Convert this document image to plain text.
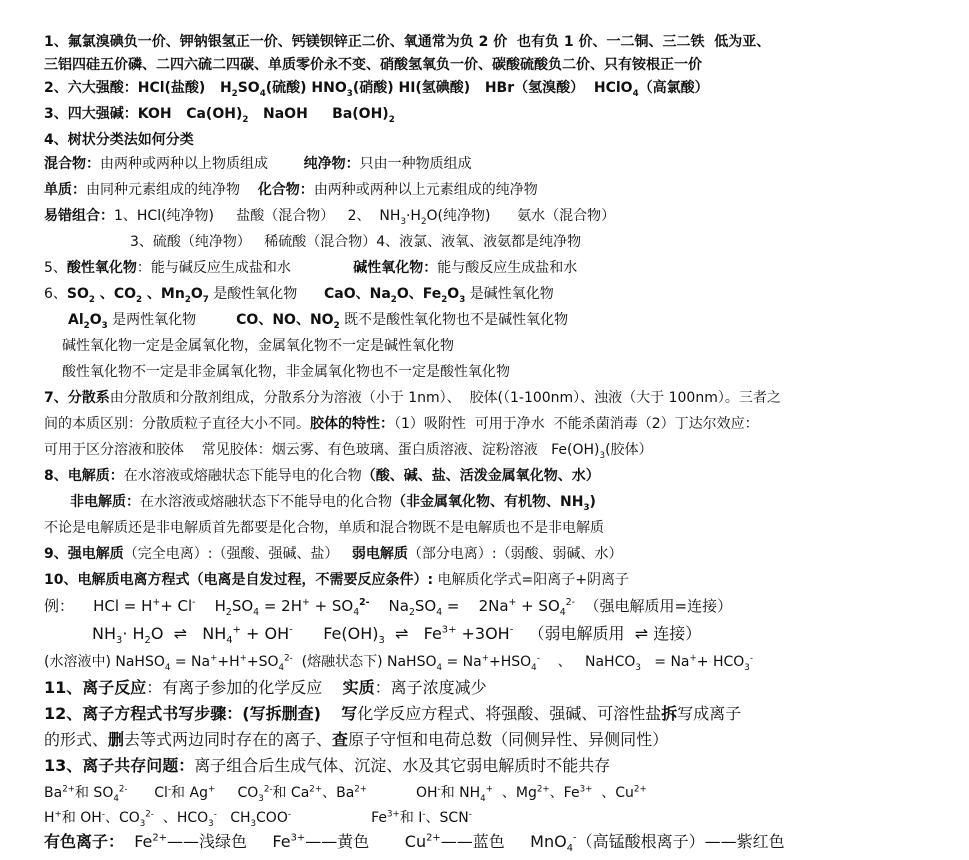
1、氟氯溴碘负一价、钾钠银氢正一价、钙镁钡锌正二价、氧通常为负 2 价  也有负 1 价、一二铜、三二铁  低为亚、
三铝四硅五价磷、二四六硫二四碳、单质零价永不变、硝酸氢氧负一价、碳酸硫酸负二价、只有铵根正一价
2、六大强酸：HCl(盐酸)   $H_2SO_4$(硫酸) $HNO_3$(硝酸) HI(氢碘酸)   HBr（氢溴酸）  HClO$_4$（高氯酸）
3、四大强碱：KOH   $Ca(OH)_2$   NaOH     $Ba(OH)_2$
4、树状分类法如何分类
混合物：由两种或两种以上物质组成        纯净物：只由一种物质组成
单质：由同种元素组成的纯净物    化合物：由两种或两种以上元素组成的纯净物
易错组合：1、HCl(纯净物)     盐酸（混合物）   2、  $NH_3\cdot H_2O$(纯净物)      氨水（混合物）
3、硫酸（纯净物）   稀硫酸（混合物）4、液氯、液氧、液氨都是纯净物
5、酸性氧化物：能与碱反应生成盐和水              碱性氧化物：能与酸反应生成盐和水
6、$SO_2$ 、$CO_2$ 、$Mn_2O_7$ 是酸性氧化物      CaO、$Na_2O$、$Fe_2O_3$ 是碱性氧化物
$Al_2O_3$ 是两性氧化物         CO、NO、$NO_2$ 既不是酸性氧化物也不是碱性氧化物
碱性氧化物一定是金属氧化物，金属氧化物不一定是碱性氧化物
酸性氧化物不一定是非金属氧化物，非金属氧化物也不一定是酸性氧化物
7、分散系由分散质和分散剂组成，分散系分为溶液（小于 1nm）、  胶体(（1-100nm）、浊液（大于 100nm）。三者之
间的本质区别：分散质粒子直径大小不同。胶体的特性：（1）吸附性  可用于净水  不能杀菌消毒（2）丁达尔效应：
可用于区分溶液和胶体    常见胶体：烟云雾、有色玻璃、蛋白质溶液、淀粉溶液   $Fe(OH)_3$(胶体）
8、电解质：在水溶液或熔融状态下能导电的化合物（酸、碱、盐、活泼金属氧化物、水）
非电解质：在水溶液或熔融状态下不能导电的化合物（非金属氧化物、有机物、$NH_3$)
不论是电解质还是非电解质首先都要是化合物，单质和混合物既不是电解质也不是非电解质
9、强电解质（完全电离）:（强酸、强碱、盐）   弱电解质（部分电离）:（弱酸、弱碱、水）
10、电解质电离方程式（电离是自发过程，不需要反应条件）: 电解质化学式=阳离子+阴离子
例：    HCl = H++ Cl-    $H_2SO_4 = 2H^+ + SO_4^{2-}$    $Na_2SO_4$ =    $2Na^+ + SO_4^{2-}$  （强电解质用=连接）
$NH_3\cdot H_2O$  ⇌   $NH_4^+ + OH^-$      $Fe(OH)_3$  ⇌   $Fe^{3+} +3OH^-$   （弱电解质用  ⇌ 连接）
(水溶液中) NaHSO$_4$ = $Na^++H^++SO_4^{2-}$  (熔融状态下) NaHSO$_4$ = $Na^++HSO_4^-$    、   NaHCO$_3$   = $Na^++ HCO_3^-$
11、离子反应：有离子参加的化学反应    实质：离子浓度减少
12、离子方程式书写步骤：(写拆删查) 写化学反应方程式、将强酸、强碱、可溶性盐拆写成离子
的形式、删去等式两边同时存在的离子、查原子守恒和电荷总数（同侧异性、异侧同性）
13、离子共存问题：离子组合后生成气体、沉淀、水及其它弱电解质时不能共存
$Ba^{2+}$和 $SO_4^{2-}$      Cl-和 Ag+     $CO_3^{2-}$和 $Ca^{2+}$、$Ba^{2+}$           OH-和 $NH_4^+$  、$Mg^{2+}$、$Fe^{3+}$  、$Cu^{2+}$
H+和 OH-、$CO_3^{2-}$  、$HCO_3^-$   $CH_3COO^-$                  $Fe^{3+}$和 I-、SCN-
有色离子：  $Fe^{2+}——$浅绿色     $Fe^{3+}——$黄色       $Cu^{2+}——$蓝色     MnO$_4$-（高锰酸根离子）——紫红色
